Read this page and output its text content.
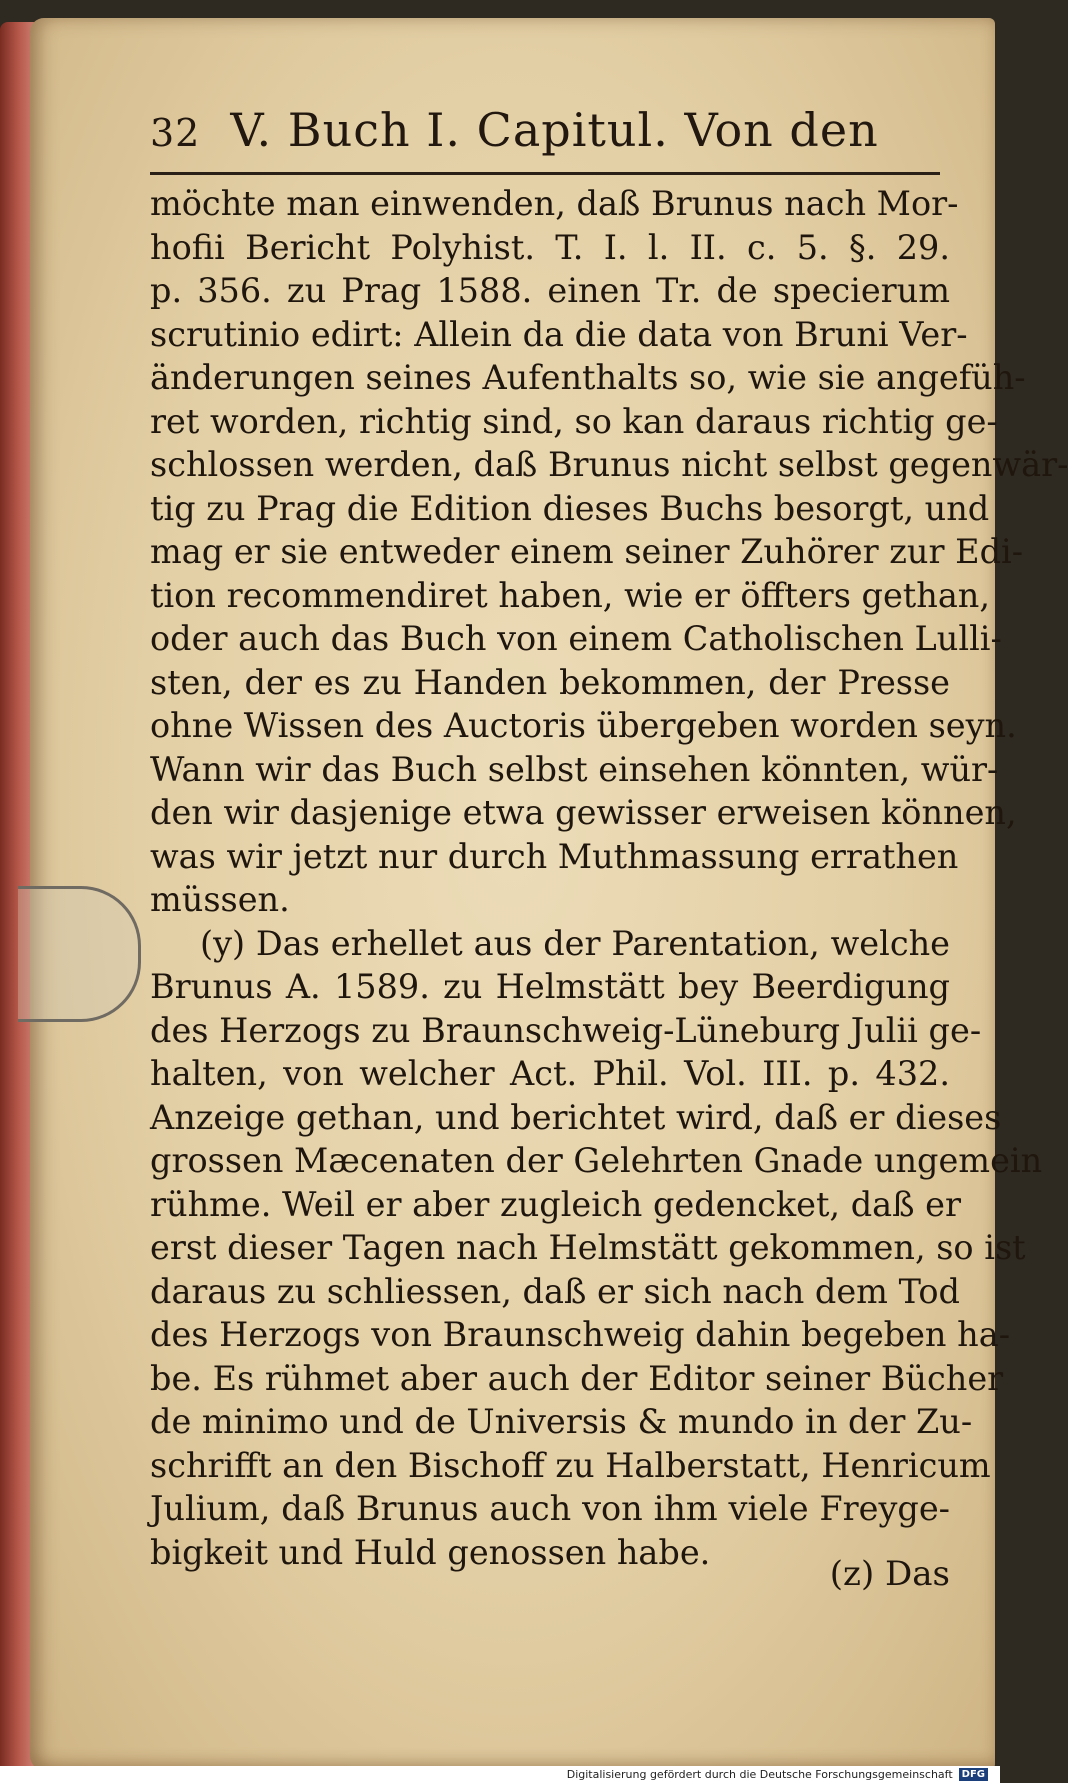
32 V. Buch I. Capitul. Von den
möchte man einwenden, daß Brunus nach Mor-
hofii Bericht Polyhist. T. I. l. II. c. 5. §. 29.
p. 356. zu Prag 1588. einen Tr. de specierum
scrutinio edirt: Allein da die data von Bruni Ver-
änderungen seines Aufenthalts so, wie sie angefüh-
ret worden, richtig sind, so kan daraus richtig ge-
schlossen werden, daß Brunus nicht selbst gegenwär-
tig zu Prag die Edition dieses Buchs besorgt, und
mag er sie entweder einem seiner Zuhörer zur Edi-
tion recommendiret haben, wie er öffters gethan,
oder auch das Buch von einem Catholischen Lulli-
sten, der es zu Handen bekommen, der Presse
ohne Wissen des Auctoris übergeben worden seyn.
Wann wir das Buch selbst einsehen könnten, wür-
den wir dasjenige etwa gewisser erweisen können,
was wir jetzt nur durch Muthmassung errathen
müssen.
(y) Das erhellet aus der Parentation, welche
Brunus A. 1589. zu Helmstätt bey Beerdigung
des Herzogs zu Braunschweig-Lüneburg Julii ge-
halten, von welcher Act. Phil. Vol. III. p. 432.
Anzeige gethan, und berichtet wird, daß er dieses
grossen Mæcenaten der Gelehrten Gnade ungemein
rühme. Weil er aber zugleich gedencket, daß er
erst dieser Tagen nach Helmstätt gekommen, so ist
daraus zu schliessen, daß er sich nach dem Tod
des Herzogs von Braunschweig dahin begeben ha-
be. Es rühmet aber auch der Editor seiner Bücher
de minimo und de Universis & mundo in der Zu-
schrifft an den Bischoff zu Halberstatt, Henricum
Julium, daß Brunus auch von ihm viele Freyge-
bigkeit und Huld genossen habe.
(z) Das
Digitalisierung gefördert durch die Deutsche Forschungsgemeinschaft DFG
